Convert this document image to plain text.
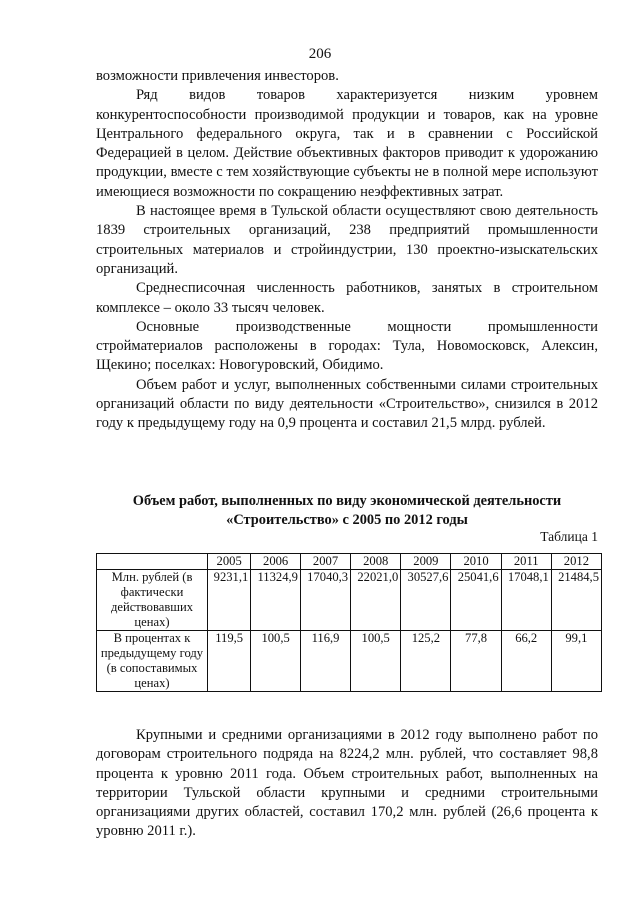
206

возможности привлечения инвесторов.

Ряд видов товаров характеризуется низким уровнем конкурентоспособности производимой продукции и товаров, как на уровне Центрального федерального округа, так и в сравнении с Российской Федерацией в целом. Действие объективных факторов приводит к удорожанию продукции, вместе с тем хозяйствующие субъекты не в полной мере используют имеющиеся возможности по сокращению неэффективных затрат.

В настоящее время в Тульской области осуществляют свою деятельность 1839 строительных организаций, 238 предприятий промышленности строительных материалов и стройиндустрии, 130 проектно-изыскательских организаций.

Среднесписочная численность работников, занятых в строительном комплексе – около 33 тысяч человек.

Основные производственные мощности промышленности стройматериалов расположены в городах: Тула, Новомосковск, Алексин, Щекино; поселках: Новогуровский, Обидимо.

Объем работ и услуг, выполненных собственными силами строительных организаций области по виду деятельности «Строительство», снизился в 2012 году к предыдущему году на 0,9 процента и составил 21,5 млрд. рублей.

Объем работ, выполненных по виду экономической деятельности «Строительство» с 2005 по 2012 годы
Таблица 1
	2005	2006	2007	2008	2009	2010	2011	2012
Млн. рублей (в фактически действовавших ценах)	9231,1	11324,9	17040,3	22021,0	30527,6	25041,6	17048,1	21484,5
В процентах к предыдущему году (в сопоставимых ценах)	119,5	100,5	116,9	100,5	125,2	77,8	66,2	99,1

Крупными и средними организациями в 2012 году выполнено работ по договорам строительного подряда на 8224,2 млн. рублей, что составляет 98,8 процента к уровню 2011 года. Объем строительных работ, выполненных на территории Тульской области крупными и средними строительными организациями других областей, составил 170,2 млн. рублей (26,6 процента к уровню 2011 г.).
